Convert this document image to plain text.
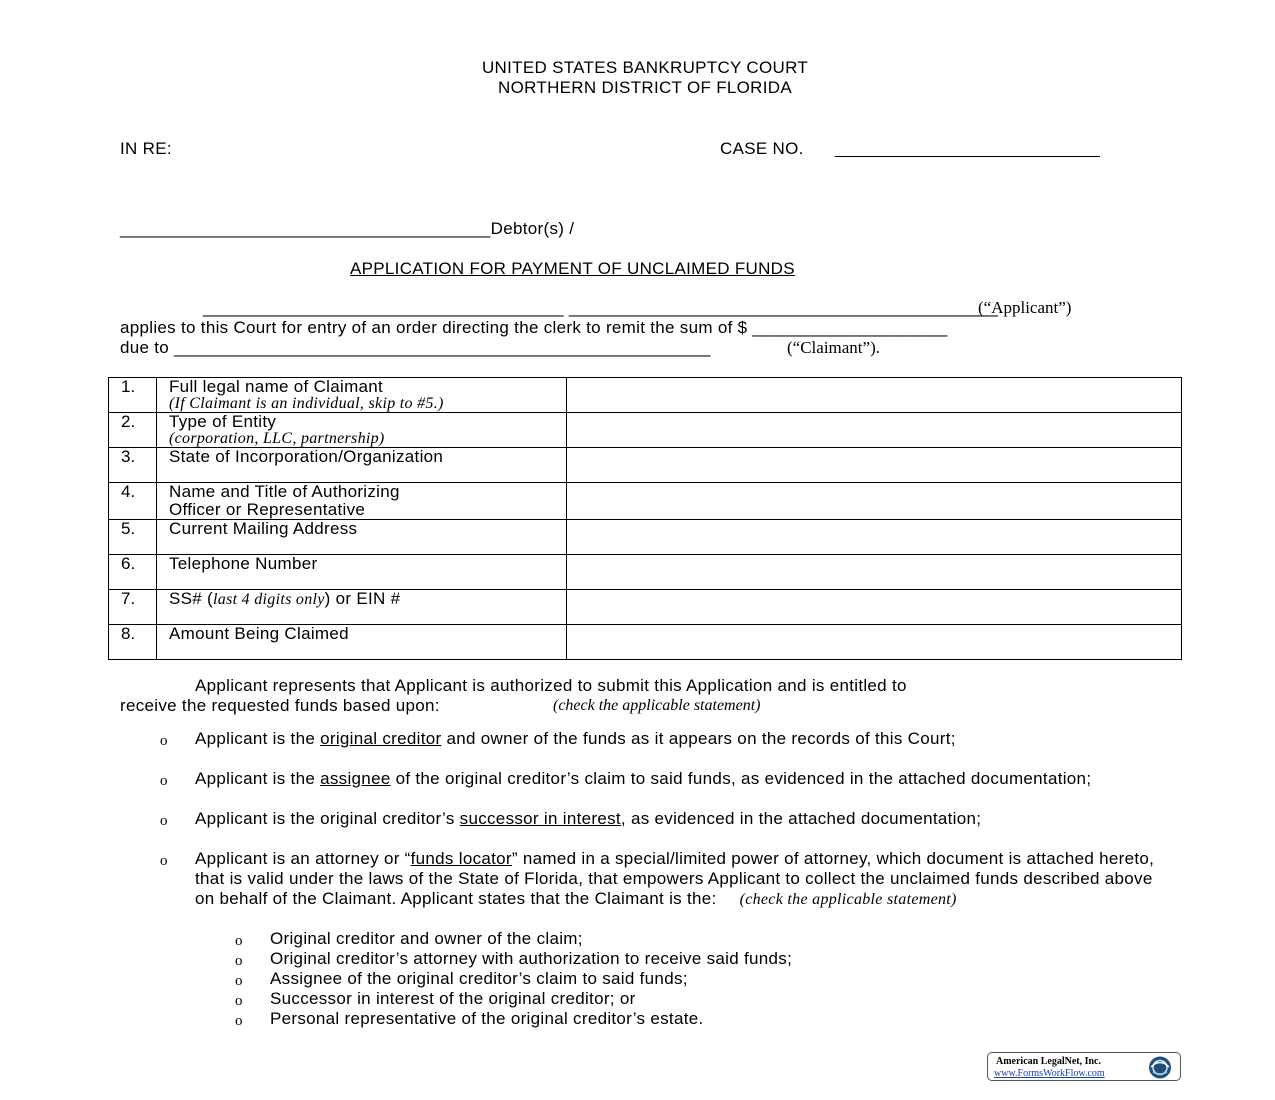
UNITED STATES BANKRUPTCY COURT
NORTHERN DISTRICT OF FLORIDA
IN RE:	CASE NO.
______________________________________Debtor(s) /
APPLICATION FOR PAYMENT OF UNCLAIMED FUNDS
_____________________________________ ____________________________________________
(“Applicant”)
applies to this Court for entry of an order directing the clerk to remit the sum of $ ____________________
due to _______________________________________________________	(“Claimant”).
1.	Full legal name of Claimant
(If Claimant is an individual, skip to #5.)	

2.	Type of Entity
(corporation, LLC, partnership)	

3.	State of Incorporation/Organization	
4.	Name and Title of Authorizing
Officer or Representative	

5.	Current Mailing Address	
6.	Telephone Number	
7.	SS# (last 4 digits only) or EIN #	
8.	Amount Being Claimed	
Applicant represents that Applicant is authorized to submit this Application and is entitled to
receive the requested funds based upon:	(check the applicable statement)
o Applicant is the original creditor and owner of the funds as it appears on the records of this Court;
o Applicant is the assignee of the original creditor’s claim to said funds, as evidenced in the attached documentation;
o Applicant is the original creditor’s successor in interest, as evidenced in the attached documentation;
o Applicant is an attorney or “funds locator” named in a special/limited power of attorney, which document is attached hereto, that is valid under the laws of the State of Florida, that empowers Applicant to collect the unclaimed funds described above on behalf of the Claimant. Applicant states that the Claimant is the: (check the applicable statement)
o Original creditor and owner of the claim;
o Original creditor’s attorney with authorization to receive said funds;
o Assignee of the original creditor’s claim to said funds;
o Successor in interest of the original creditor; or
o Personal representative of the original creditor’s estate.
American LegalNet, Inc.
www.FormsWorkFlow.com
